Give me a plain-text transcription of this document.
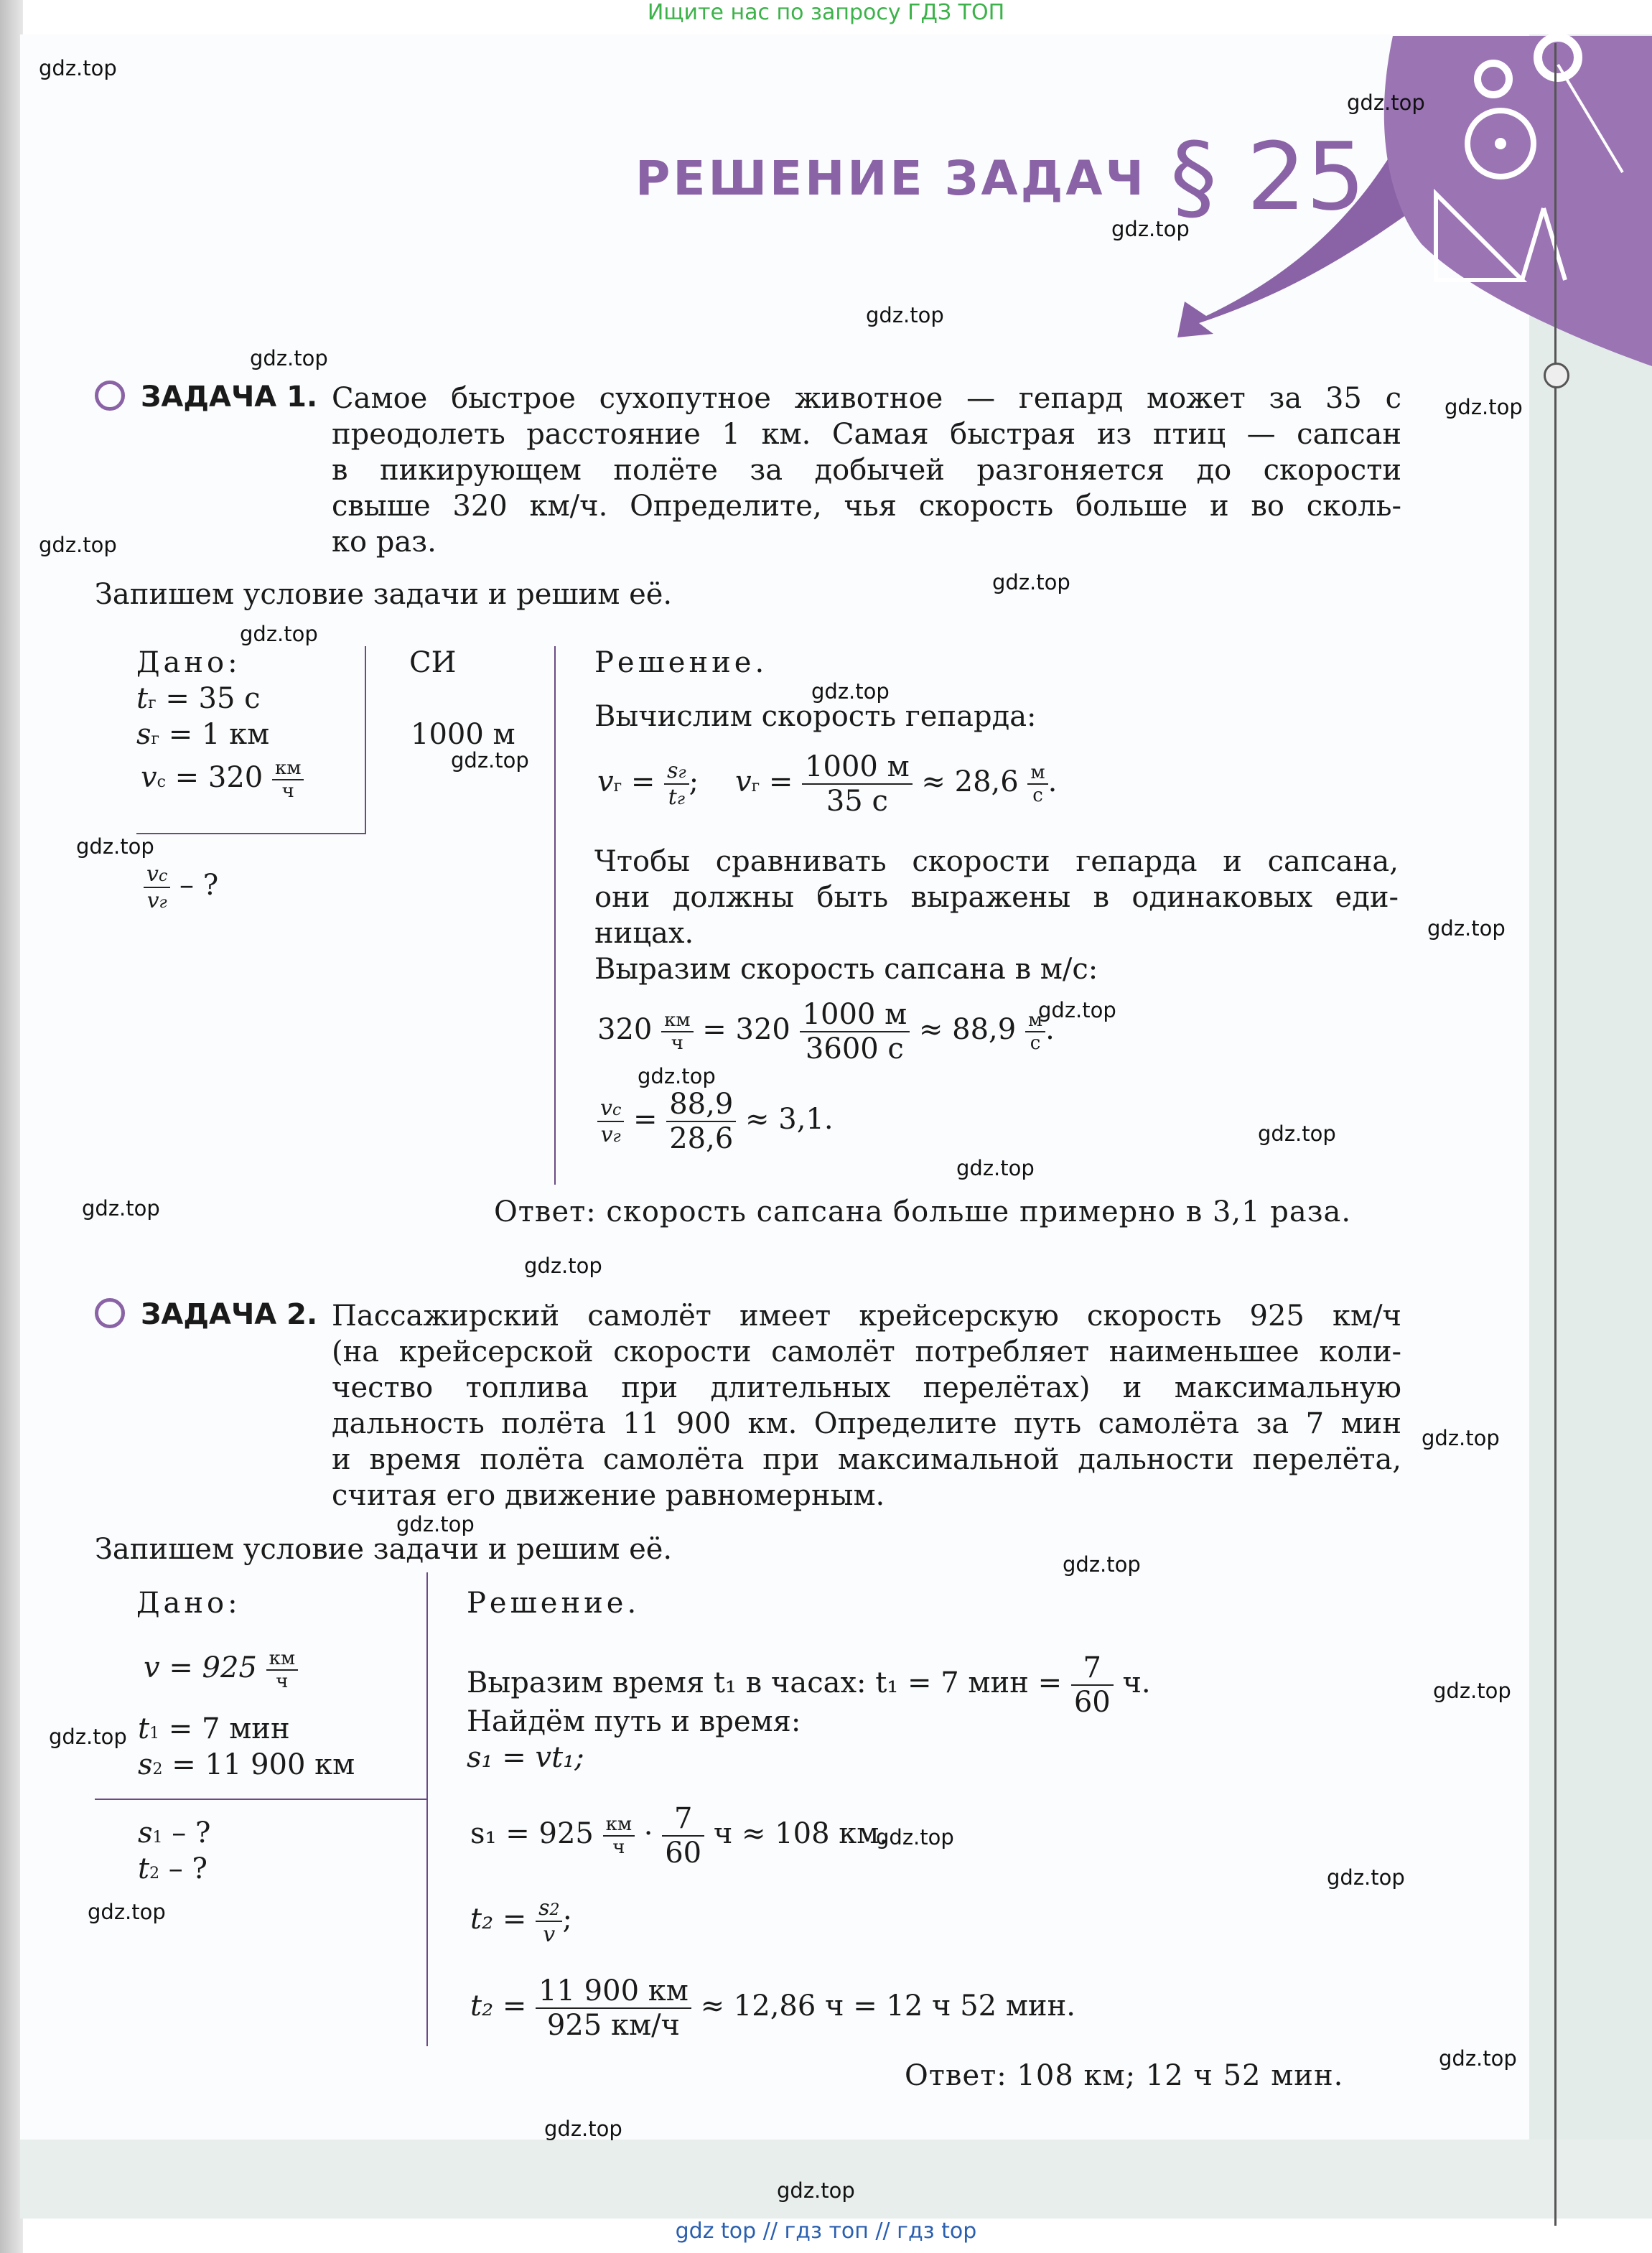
Ищите нас по запросу ГДЗ ТОП
РЕШЕНИЕ ЗАДАЧ § 25
ЗАДАЧА 1. Самое быстрое сухопутное животное — гепард может за 35 с
преодолеть расстояние 1 км. Самая быстрая из птиц — сапсан
в пикирующем полёте за добычей разгоняется до скорости
свыше 320 км/ч. Определите, чья скорость больше и во сколь-
ко раз.
Запишем условие задачи и решим её.
Дано:	СИ	Решение.
tг = 35 с
sг = 1 км
vс = $320 \frac{км}{ч}$
1000 м
$\frac{vс}{vг}$ – ?
Вычислим скорость гепарда:
vг = $\frac{sг}{tг}$ ;    vг = $\frac{1000 м}{35 с} \approx 28,6 \frac{м}{с}$ .
Чтобы сравнивать скорости гепарда и сапсана,
они должны быть выражены в одинаковых еди-
ницах.
Выразим скорость сапсана в м/с:
$320 \frac{км}{ч} = 320 \frac{1000 м}{3600 с} \approx 88,9 \frac{м}{с}$ .
$\frac{vс}{vг} = \frac{88,9}{28,6} \approx 3,1$.
Ответ: скорость сапсана больше примерно в 3,1 раза.
ЗАДАЧА 2. Пассажирский самолёт имеет крейсерскую скорость 925 км/ч
(на крейсерской скорости самолёт потребляет наименьшее коли-
чество топлива при длительных перелётах) и максимальную
дальность полёта 11 900 км. Определите путь самолёта за 7 мин
и время полёта самолёта при максимальной дальности перелёта,
считая его движение равномерным.
Запишем условие задачи и решим её.
Дано:	Решение.
$v = 925 \frac{км}{ч}$
t1 = 7 мин
s2 = 11 900 км
s1 – ?
t2 – ?
Выразим время t₁ в часах: t₁ = 7 мин = $\frac{7}{60} ч$.
Найдём путь и время:
s₁ = vt₁;
$s_1 = 925 \frac{км}{ч} \cdot \frac{7}{60}$ ч ≈ 108 км.
$t_2 = \frac{s2}{v}$ ;
$t_2 = \frac{11 900 км}{925 км/ч} \approx 12,86$ ч = 12 ч 52 мин.
Ответ: 108 км; 12 ч 52 мин.
gdz.top
gdz.top
gdz.top
gdz.top
gdz.top
gdz.top
gdz.top
gdz.top
gdz.top
gdz.top
gdz.top
gdz.top
gdz.top
gdz.top
gdz.top
gdz.top
gdz.top
gdz.top
gdz.top
gdz.top
gdz.top
gdz.top
gdz.top
gdz.top
gdz.top
gdz.top
gdz.top
gdz.top
gdz.top
gdz.top
gdz top // гдз топ // гдз top
